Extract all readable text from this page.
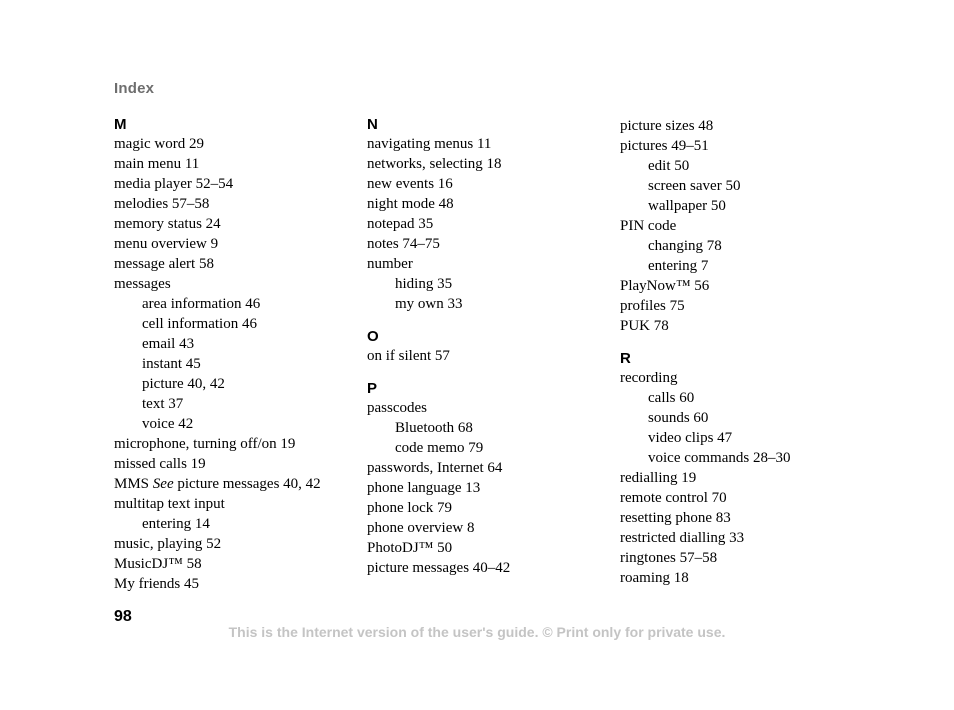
Index
M
magic word 29
main menu 11
media player 52–54
melodies 57–58
memory status 24
menu overview 9
message alert 58
messages
area information 46
cell information 46
email 43
instant 45
picture 40, 42
text 37
voice 42
microphone, turning off/on 19
missed calls 19
MMS See picture messages 40, 42
multitap text input
entering 14
music, playing 52
MusicDJ™ 58
My friends 45
N
navigating menus 11
networks, selecting 18
new events 16
night mode 48
notepad 35
notes 74–75
number
hiding 35
my own 33
O
on if silent 57
P
passcodes
Bluetooth 68
code memo 79
passwords, Internet 64
phone language 13
phone lock 79
phone overview 8
PhotoDJ™ 50
picture messages 40–42
picture sizes 48
pictures 49–51
edit 50
screen saver 50
wallpaper 50
PIN code
changing 78
entering 7
PlayNow™ 56
profiles 75
PUK 78
R
recording
calls 60
sounds 60
video clips 47
voice commands 28–30
redialling 19
remote control 70
resetting phone 83
restricted dialling 33
ringtones 57–58
roaming 18
98
This is the Internet version of the user's guide. © Print only for private use.
